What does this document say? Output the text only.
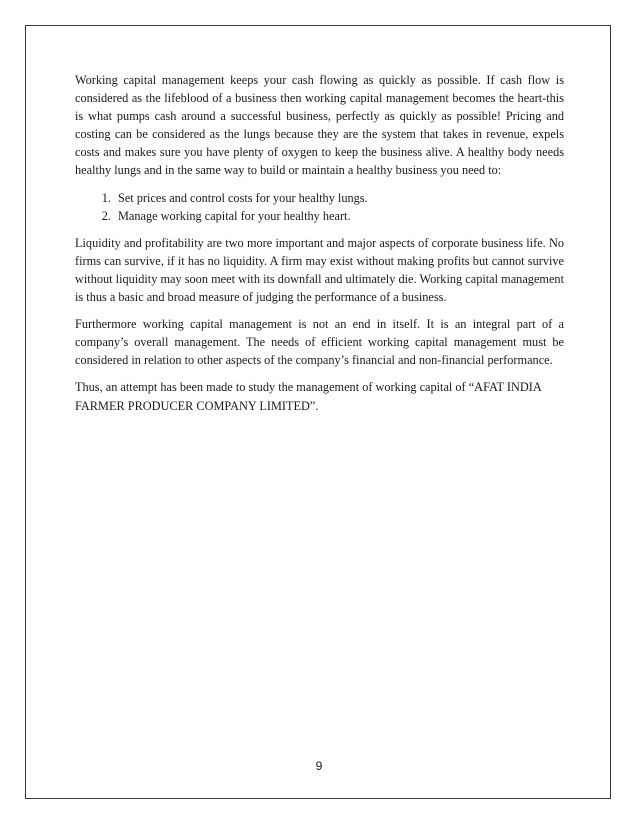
Working capital management keeps your cash flowing as quickly as possible. If cash flow is considered as the lifeblood of a business then working capital management becomes the heart-this is what pumps cash around a successful business, perfectly as quickly as possible! Pricing and costing can be considered as the lungs because they are the system that takes in revenue, expels costs and makes sure you have plenty of oxygen to keep the business alive. A healthy body needs healthy lungs and in the same way to build or maintain a healthy business you need to:

1. Set prices and control costs for your healthy lungs.
2. Manage working capital for your healthy heart.

Liquidity and profitability are two more important and major aspects of corporate business life. No firms can survive, if it has no liquidity. A firm may exist without making profits but cannot survive without liquidity may soon meet with its downfall and ultimately die. Working capital management is thus a basic and broad measure of judging the performance of a business.

Furthermore working capital management is not an end in itself. It is an integral part of a company’s overall management. The needs of efficient working capital management must be considered in relation to other aspects of the company’s financial and non-financial performance.

Thus, an attempt has been made to study the management of working capital of “AFAT INDIA FARMER PRODUCER COMPANY LIMITED”.

9
